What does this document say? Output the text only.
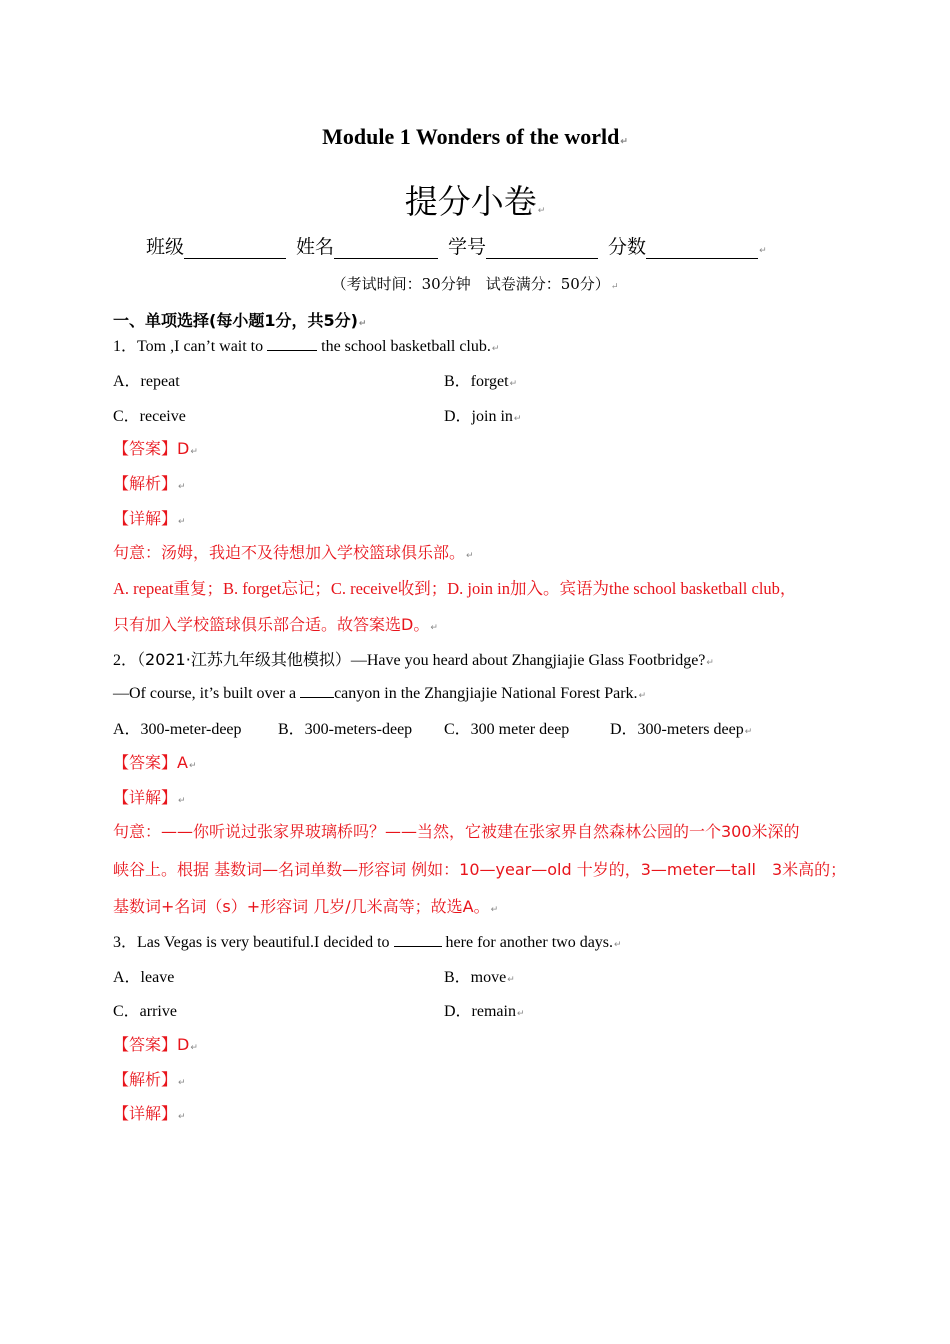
Module 1 Wonders of the world↵
提分小卷↵
班级	姓名	学号	分数	↵
（考试时间：30分钟　试卷满分：50分）↵
一、单项选择(每小题1分，共5分)↵
1．Tom ,I can’t wait to	the school basketball club.↵
A．repeat	B．forget↵
C．receive	D．join in↵
【答案】D↵
【解析】↵
【详解】↵
句意：汤姆，我迫不及待想加入学校篮球俱乐部。↵
A. repeat重复；B. forget忘记；C. receive收到；D. join in加入。宾语为the school basketball club，
只有加入学校篮球俱乐部合适。故答案选D。↵
2．（2021·江苏九年级其他模拟）—Have you heard about Zhangjiajie Glass Footbridge?↵
—Of course, it’s built over a canyon in the Zhangjiajie National Forest Park.↵
A．300-meter-deep B．300-meters-deep C．300 meter deep	D．300-meters deep↵
【答案】A↵
【详解】↵
句意：——你听说过张家界玻璃桥吗？——当然，它被建在张家界自然森林公园的一个300米深的
峡谷上。根据 基数词—名词单数—形容词 例如：10—year—old 十岁的，3—meter—tall　3米高的；
基数词+名词（s）+形容词 几岁/几米高等；故选A。↵
3．Las Vegas is very beautiful.I decided to	here for another two days.↵
A．leave	B．move↵
C．arrive	D．remain↵
【答案】D↵
【解析】↵
【详解】↵
